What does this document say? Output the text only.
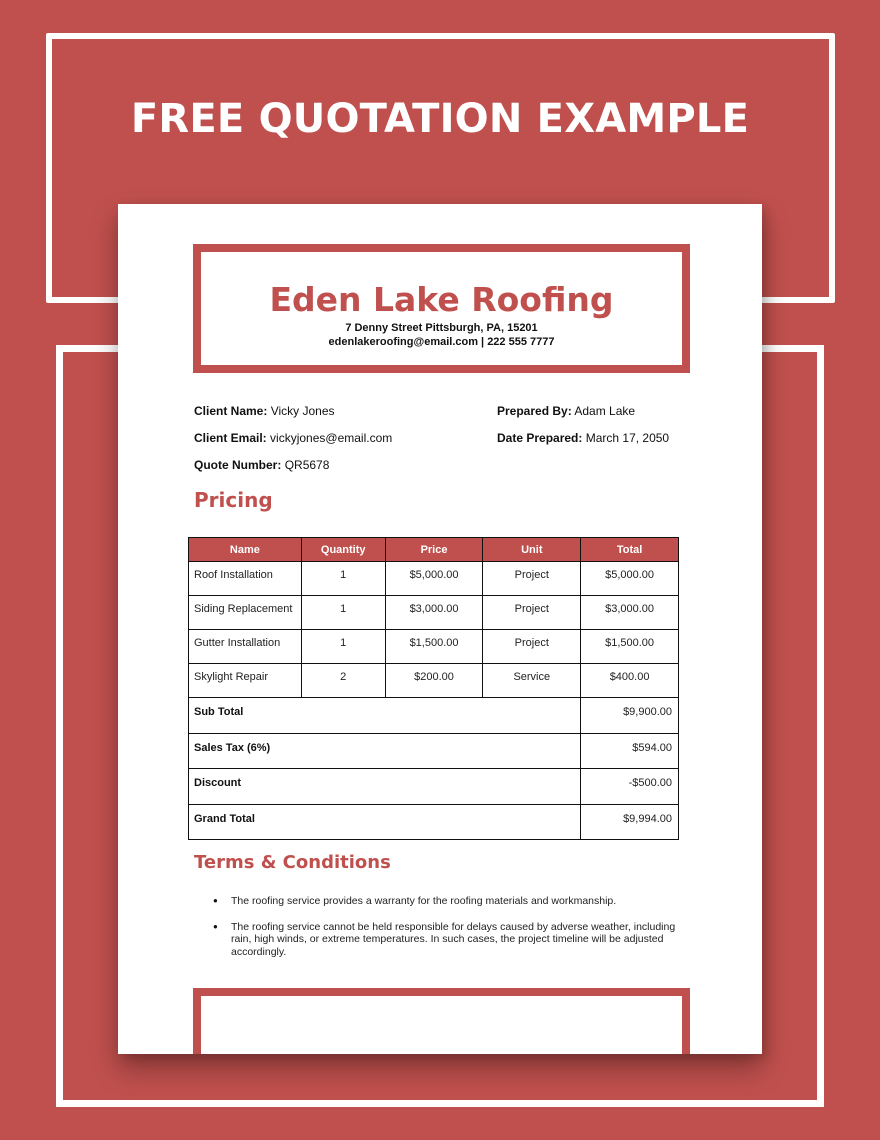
FREE QUOTATION EXAMPLE
Eden Lake Roofing
7 Denny Street Pittsburgh, PA, 15201
edenlakeroofing@email.com | 222 555 7777
Client Name: Vicky Jones
Client Email: vickyjones@email.com
Quote Number: QR5678
Prepared By: Adam Lake
Date Prepared: March 17, 2050
Pricing
Name	Quantity	Price	Unit	Total
Roof Installation	1	$5,000.00	Project	$5,000.00
Siding Replacement	1	$3,000.00	Project	$3,000.00
Gutter Installation	1	$1,500.00	Project	$1,500.00
Skylight Repair	2	$200.00	Service	$400.00
Sub Total				$9,900.00
Sales Tax (6%)				$594.00
Discount				-$500.00
Grand Total				$9,994.00
Terms & Conditions
● The roofing service provides a warranty for the roofing materials and workmanship.
● The roofing service cannot be held responsible for delays caused by adverse weather, including rain, high winds, or extreme temperatures. In such cases, the project timeline will be adjusted accordingly.
